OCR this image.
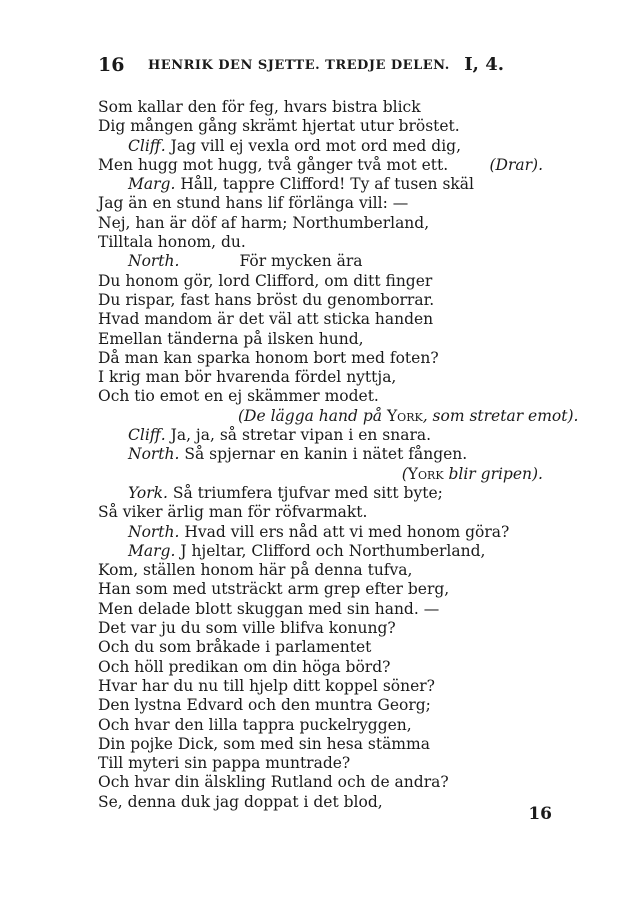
16 HENRIK DEN SJETTE. TREDJE DELEN. I, 4.
Som kallar den för feg, hvars bistra blick
Dig mången gång skrämt hjertat utur bröstet.
Cliff. Jag vill ej vexla ord mot ord med dig,
Men hugg mot hugg, två gånger två mot ett.	(Drar).
Marg. Håll, tappre Clifford! Ty af tusen skäl
Jag än en stund hans lif förlänga vill: —
Nej, han är döf af harm; Northumberland,
Tilltala honom, du.
North.	För mycken ära
Du honom gör, lord Clifford, om ditt finger
Du rispar, fast hans bröst du genomborrar.
Hvad mandom är det väl att sticka handen
Emellan tänderna på ilsken hund,
Då man kan sparka honom bort med foten?
I krig man bör hvarenda fördel nyttja,
Och tio emot en ej skämmer modet.
(De lägga hand på York, som stretar emot).
Cliff. Ja, ja, så stretar vipan i en snara.
North. Så spjernar en kanin i nätet fången.
(York blir gripen).
York. Så triumfera tjufvar med sitt byte;
Så viker ärlig man för röfvarmakt.
North. Hvad vill ers nåd att vi med honom göra?
Marg. J hjeltar, Clifford och Northumberland,
Kom, ställen honom här på denna tufva,
Han som med utsträckt arm grep efter berg,
Men delade blott skuggan med sin hand. —
Det var ju du som ville blifva konung?
Och du som bråkade i parlamentet
Och höll predikan om din höga börd?
Hvar har du nu till hjelp ditt koppel söner?
Den lystna Edvard och den muntra Georg;
Och hvar den lilla tappra puckelryggen,
Din pojke Dick, som med sin hesa stämma
Till myteri sin pappa muntrade?
Och hvar din älskling Rutland och de andra?
Se, denna duk jag doppat i det blod,
16
